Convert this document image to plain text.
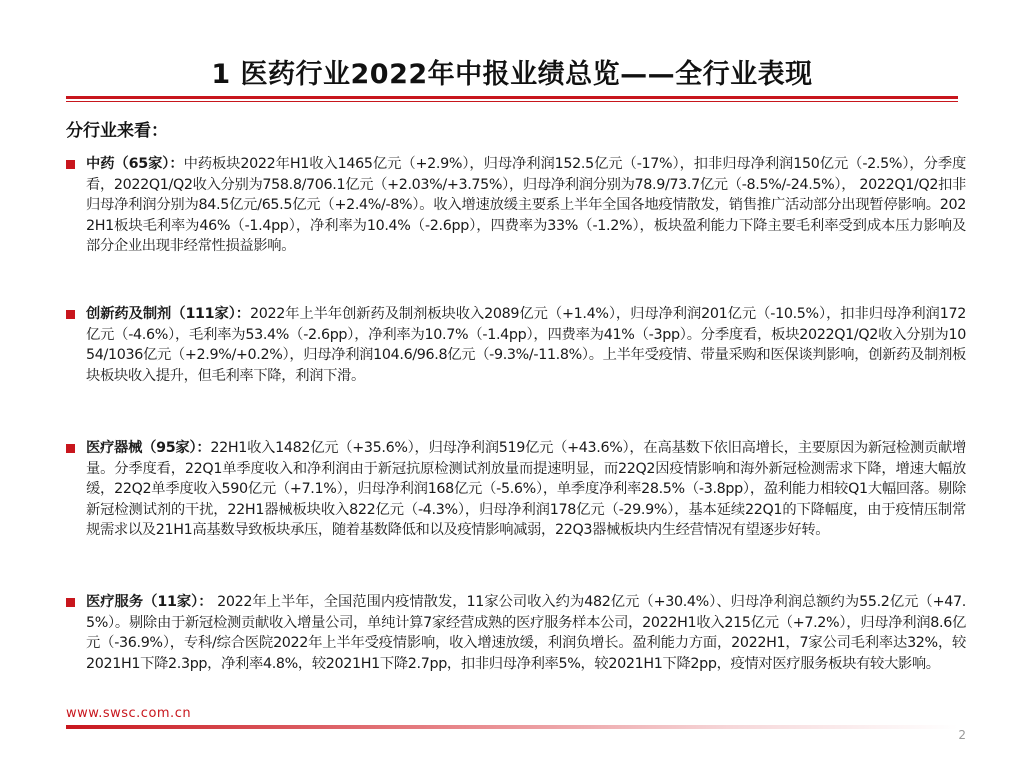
1 医药行业2022年中报业绩总览——全行业表现
分行业来看：

中药（65家）：中药板块2022年H1收入1465亿元（+2.9%），归母净利润152.5亿元（-17%），扣非归母净利润150亿元（-2.5%），分季度看，2022Q1/Q2收入分别为758.8/706.1亿元（+2.03%/+3.75%），归母净利润分别为78.9/73.7亿元（-8.5%/-24.5%）， 2022Q1/Q2扣非归母净利润分别为84.5亿元/65.5亿元（+2.4%/-8%）。收入增速放缓主要系上半年全国各地疫情散发，销售推广活动部分出现暂停影响。2022H1板块毛利率为46%（-1.4pp），净利率为10.4%（-2.6pp），四费率为33%（-1.2%），板块盈利能力下降主要毛利率受到成本压力影响及部分企业出现非经常性损益影响。

创新药及制剂（111家）：2022年上半年创新药及制剂板块收入2089亿元（+1.4%），归母净利润201亿元（-10.5%），扣非归母净利润172亿元（-4.6%），毛利率为53.4%（-2.6pp），净利率为10.7%（-1.4pp），四费率为41%（-3pp）。分季度看，板块2022Q1/Q2收入分别为1054/1036亿元（+2.9%/+0.2%），归母净利润104.6/96.8亿元（-9.3%/-11.8%）。上半年受疫情、带量采购和医保谈判影响，创新药及制剂板块板块收入提升，但毛利率下降，利润下滑。

医疗器械（95家）：22H1收入1482亿元（+35.6%），归母净利润519亿元（+43.6%），在高基数下依旧高增长，主要原因为新冠检测贡献增量。分季度看，22Q1单季度收入和净利润由于新冠抗原检测试剂放量而提速明显，而22Q2因疫情影响和海外新冠检测需求下降，增速大幅放缓，22Q2单季度收入590亿元（+7.1%），归母净利润168亿元（-5.6%），单季度净利率28.5%（-3.8pp），盈利能力相较Q1大幅回落。剔除新冠检测试剂的干扰，22H1器械板块收入822亿元（-4.3%），归母净利润178亿元（-29.9%），基本延续22Q1的下降幅度，由于疫情压制常规需求以及21H1高基数导致板块承压，随着基数降低和以及疫情影响减弱，22Q3器械板块内生经营情况有望逐步好转。

医疗服务（11家）： 2022年上半年，全国范围内疫情散发，11家公司收入约为482亿元（+30.4%）、归母净利润总额约为55.2亿元（+47.5%）。剔除由于新冠检测贡献收入增量公司，单纯计算7家经营成熟的医疗服务样本公司，2022H1收入215亿元（+7.2%），归母净利润8.6亿元（-36.9%），专科/综合医院2022年上半年受疫情影响，收入增速放缓，利润负增长。盈利能力方面，2022H1，7家公司毛利率达32%，较2021H1下降2.3pp，净利率4.8%，较2021H1下降2.7pp，扣非归母净利率5%，较2021H1下降2pp，疫情对医疗服务板块有较大影响。

www.swsc.com.cn
2
